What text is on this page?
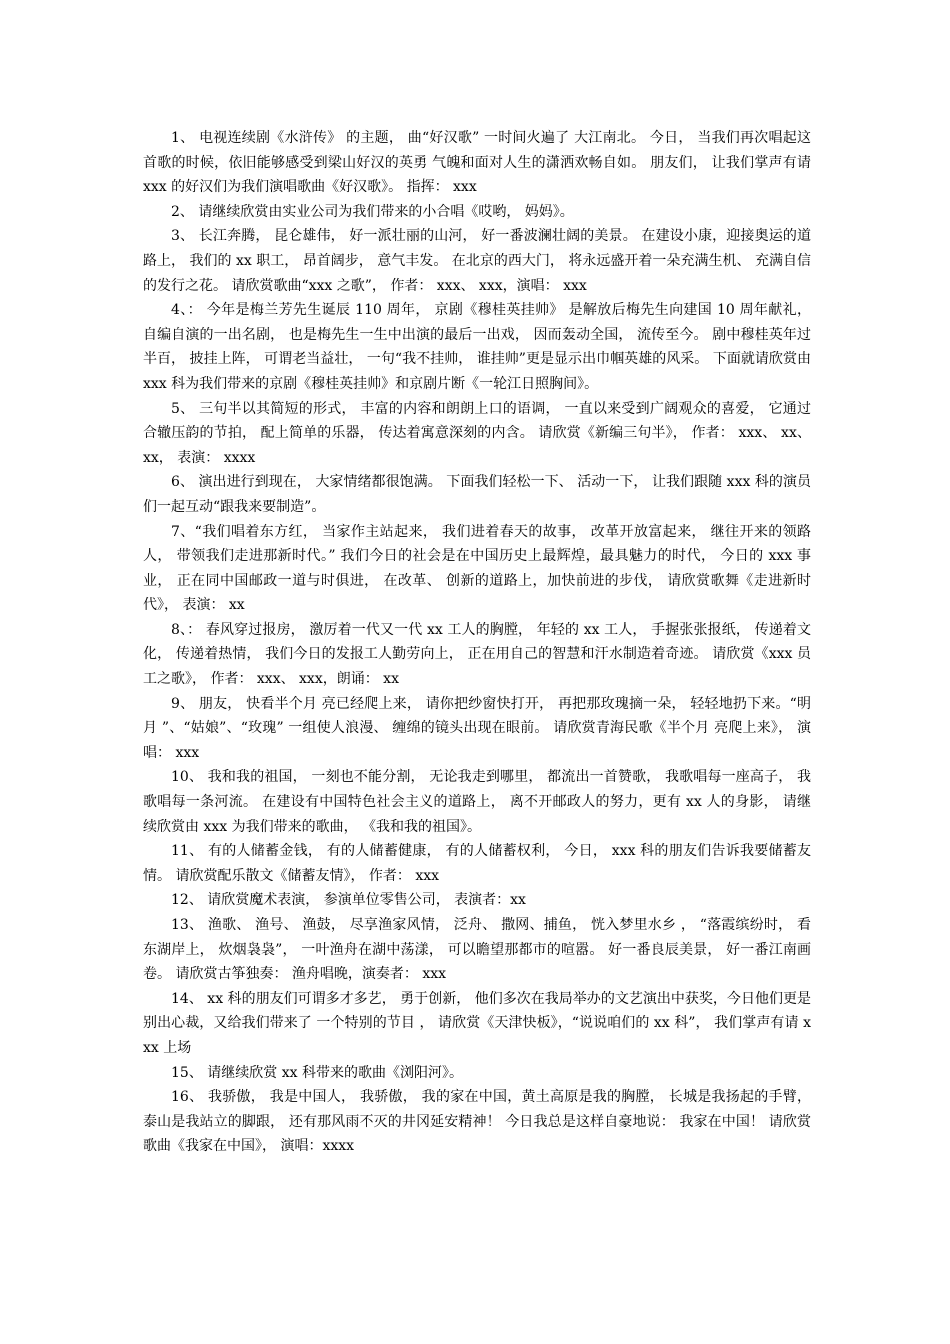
1、 电视连续剧《水浒传》 的主题， 曲“好汉歌” 一时间火遍了 大江南北。 今日， 当我们再次唱起这首歌的时候，依旧能够感受到梁山好汉的英勇 气魄和面对人生的潇洒欢畅自如。 朋友们， 让我们掌声有请 xxx 的好汉们为我们演唱歌曲《好汉歌》。 指挥： xxx

2、 请继续欣赏由实业公司为我们带来的小合唱《哎哟， 妈妈》。

3、 长江奔腾， 昆仑雄伟， 好一派壮丽的山河， 好一番波澜壮阔的美景。 在建设小康，迎接奥运的道路上， 我们的 xx 职工， 昂首阔步， 意气丰发。 在北京的西大门， 将永远盛开着一朵充满生机、 充满自信的发行之花。 请欣赏歌曲“xxx 之歌”， 作者： xxx、 xxx，演唱： xxx

4、： 今年是梅兰芳先生诞辰 110 周年， 京剧《穆桂英挂帅》 是解放后梅先生向建国 10 周年献礼， 自编自演的一出名剧， 也是梅先生一生中出演的最后一出戏， 因而轰动全国， 流传至今。 剧中穆桂英年过半百， 披挂上阵， 可谓老当益壮， 一句“我不挂帅， 谁挂帅”更是显示出巾帼英雄的风采。 下面就请欣赏由 xxx 科为我们带来的京剧《穆桂英挂帅》和京剧片断《一轮江日照胸间》。

5、 三句半以其简短的形式， 丰富的内容和朗朗上口的语调， 一直以来受到广阔观众的喜爱， 它通过合辙压韵的节拍， 配上简单的乐器， 传达着寓意深刻的内含。 请欣赏《新编三句半》， 作者： xxx、 xx、 xx， 表演： xxxx

6、 演出进行到现在， 大家情绪都很饱满。 下面我们轻松一下、 活动一下， 让我们跟随 xxx 科的演员们一起互动“跟我来要制造”。

7、“我们唱着东方红， 当家作主站起来， 我们进着春天的故事， 改革开放富起来， 继往开来的领路人， 带领我们走进那新时代。” 我们今日的社会是在中国历史上最辉煌，最具魅力的时代， 今日的 xxx 事业， 正在同中国邮政一道与时俱进， 在改革、 创新的道路上，加快前进的步伐， 请欣赏歌舞《走进新时代》， 表演： xx

8、： 春风穿过报房， 激厉着一代又一代 xx 工人的胸膛， 年轻的 xx 工人， 手握张张报纸， 传递着文化， 传递着热情， 我们今日的发报工人勤劳向上， 正在用自己的智慧和汗水制造着奇迹。 请欣赏《xxx 员工之歌》， 作者： xxx、 xxx，朗诵： xx

9、 朋友， 快看半个月 亮已经爬上来， 请你把纱窗快打开， 再把那玫瑰摘一朵， 轻轻地扔下来。“明月 ”、“姑娘”、“玫瑰” 一组使人浪漫、 缠绵的镜头出现在眼前。 请欣赏青海民歌《半个月 亮爬上来》， 演唱： xxx

10、 我和我的祖国， 一刻也不能分割， 无论我走到哪里， 都流出一首赞歌， 我歌唱每一座高子， 我歌唱每一条河流。 在建设有中国特色社会主义的道路上， 离不开邮政人的努力，更有 xx 人的身影， 请继续欣赏由 xxx 为我们带来的歌曲， 《我和我的祖国》。

11、 有的人储蓄金钱， 有的人储蓄健康， 有的人储蓄权利， 今日， xxx 科的朋友们告诉我要储蓄友情。 请欣赏配乐散文《储蓄友情》， 作者： xxx

12、 请欣赏魔术表演， 参演单位零售公司， 表演者：xx

13、 渔歌、 渔号、 渔鼓， 尽享渔家风情， 泛舟、 撒网、捕鱼， 恍入梦里水乡 ， “落霞缤纷时， 看东湖岸上， 炊烟袅袅”， 一叶渔舟在湖中荡漾， 可以瞻望那都市的喧嚣。 好一番良辰美景， 好一番江南画卷。 请欣赏古筝独奏： 渔舟唱晚，演奏者： xxx

14、 xx 科的朋友们可谓多才多艺， 勇于创新， 他们多次在我局举办的文艺演出中获奖，今日他们更是别出心裁，又给我们带来了 一个特别的节目 ， 请欣赏《天津快板》，“说说咱们的 xx 科”， 我们掌声有请 xxx 上场

15、 请继续欣赏 xx 科带来的歌曲《浏阳河》。

16、 我骄傲， 我是中国人， 我骄傲， 我的家在中国，黄土高原是我的胸膛， 长城是我扬起的手臂， 泰山是我站立的脚跟， 还有那风雨不灭的井冈延安精神！ 今日我总是这样自豪地说： 我家在中国！ 请欣赏歌曲《我家在中国》， 演唱：xxxx
